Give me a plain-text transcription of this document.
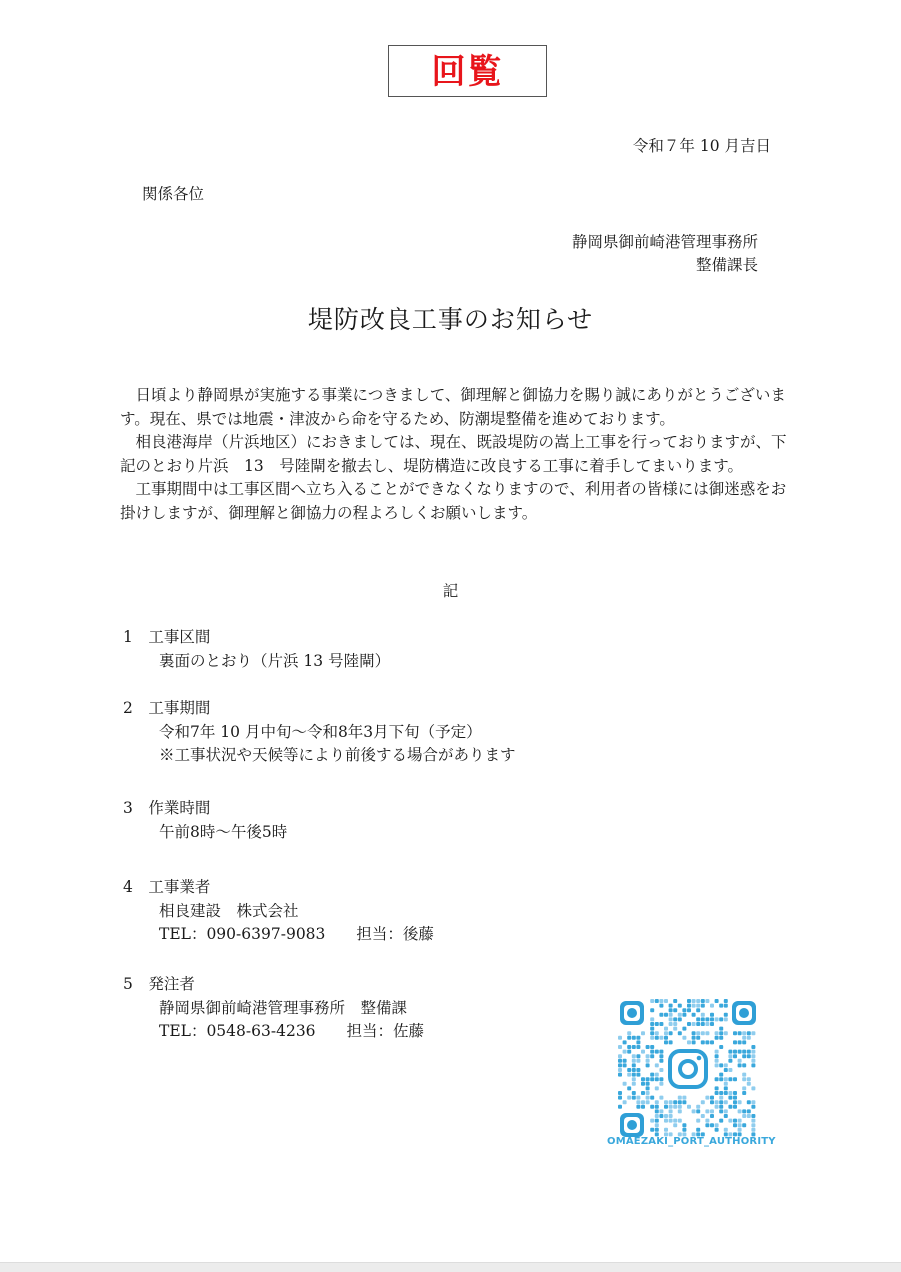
回覧
令和７年 10 月吉日
関係各位
静岡県御前崎港管理事務所
整備課長
堤防改良工事のお知らせ

日頃より静岡県が実施する事業につきまして、御理解と御協力を賜り誠にありがとうございます。現在、県では地震・津波から命を守るため、防潮堤整備を進めております。

相良港海岸（片浜地区）におきましては、現在、既設堤防の嵩上工事を行っておりますが、下記のとおり片浜　13　号陸閘を撤去し、堤防構造に改良する工事に着手してまいります。

工事期間中は工事区間へ立ち入ることができなくなりますので、利用者の皆様には御迷惑をお掛けしますが、御理解と御協力の程よろしくお願いします。

記
1　工事区間
裏面のとおり（片浜 13 号陸閘）
2　工事期間
令和7年 10 月中旬～令和8年3月下旬（予定）
※工事状況や天候等により前後する場合があります
3　作業時間
午前8時～午後5時
4　工事業者
相良建設　株式会社
TEL：090-6397-9083　　担当：後藤
5　発注者
静岡県御前崎港管理事務所　整備課
TEL：0548-63-4236　　担当：佐藤
OMAEZAKI_PORT_AUTHORITY
